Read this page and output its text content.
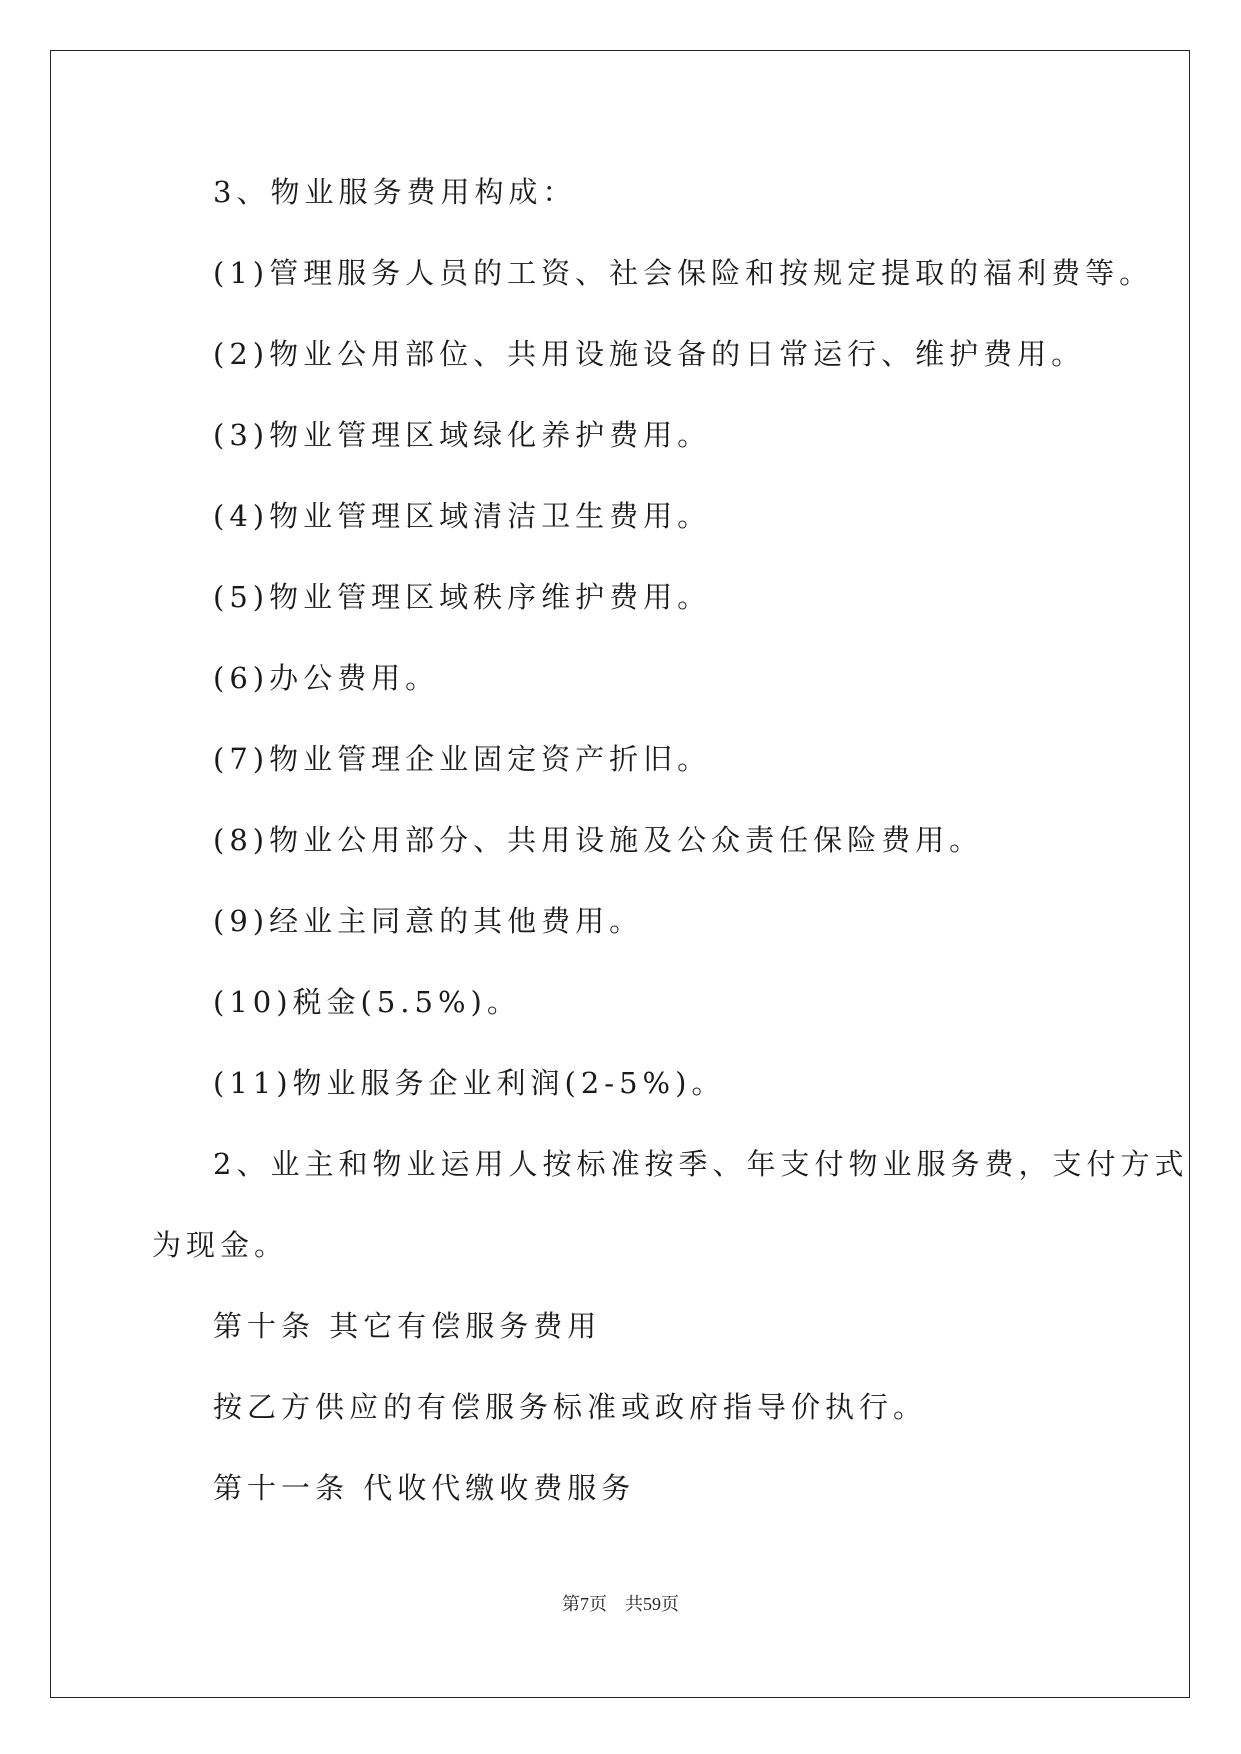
3、物业服务费用构成：
(1)管理服务人员的工资、社会保险和按规定提取的福利费等。
(2)物业公用部位、共用设施设备的日常运行、维护费用。
(3)物业管理区域绿化养护费用。
(4)物业管理区域清洁卫生费用。
(5)物业管理区域秩序维护费用。
(6)办公费用。
(7)物业管理企业固定资产折旧。
(8)物业公用部分、共用设施及公众责任保险费用。
(9)经业主同意的其他费用。
(10)税金(5.5%)。
(11)物业服务企业利润(2-5%)。
2、业主和物业运用人按标准按季、年支付物业服务费，支付方式
为现金。
第十条 其它有偿服务费用
按乙方供应的有偿服务标准或政府指导价执行。
第十一条 代收代缴收费服务
第7页    共59页
